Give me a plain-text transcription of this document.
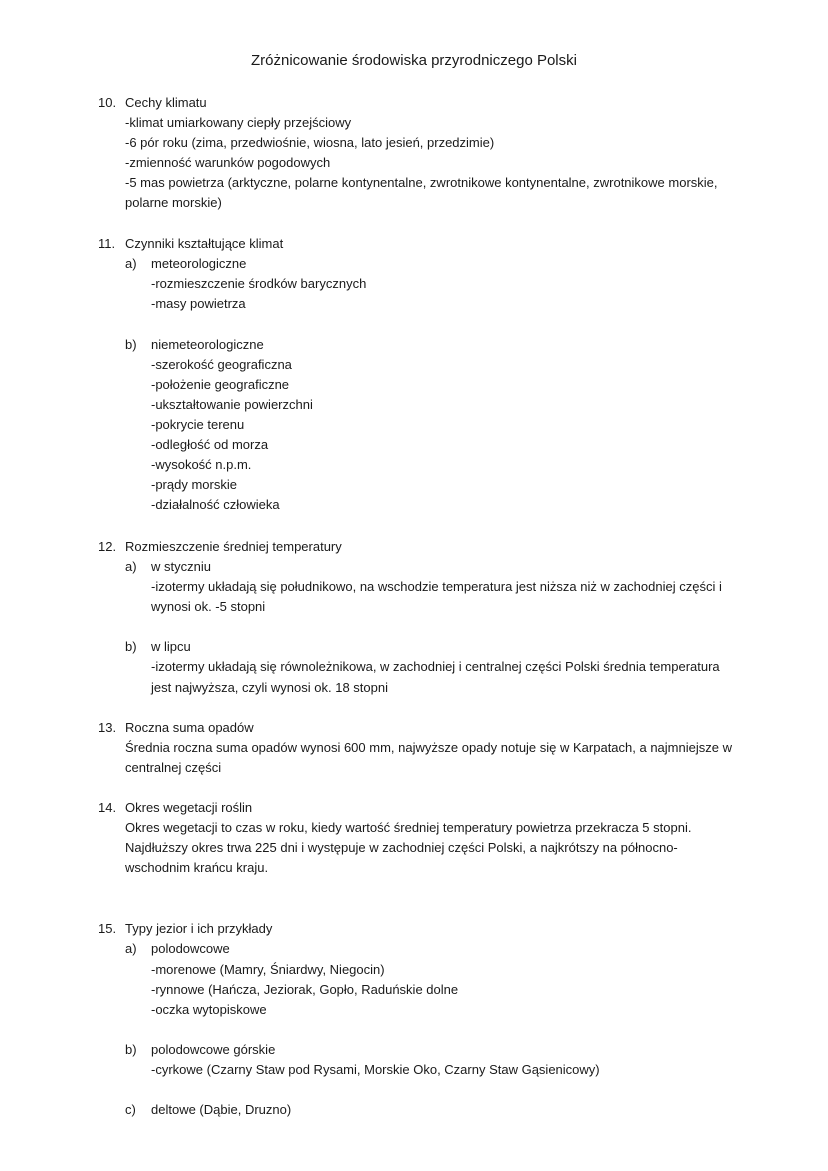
Zróżnicowanie środowiska przyrodniczego Polski
10. Cechy klimatu
-klimat umiarkowany ciepły przejściowy
-6 pór roku (zima, przedwiośnie, wiosna, lato jesień, przedzimie)
-zmienność warunków pogodowych
-5 mas powietrza (arktyczne, polarne kontynentalne, zwrotnikowe kontynentalne, zwrotnikowe morskie,
polarne morskie)
11. Czynniki kształtujące klimat
a) meteorologiczne
-rozmieszczenie środków barycznych
-masy powietrza
b) niemeteorologiczne
-szerokość geograficzna
-położenie geograficzne
-ukształtowanie powierzchni
-pokrycie terenu
-odległość od morza
-wysokość n.p.m.
-prądy morskie
-działalność człowieka
12. Rozmieszczenie średniej temperatury
a) w styczniu
-izotermy układają się południkowo, na wschodzie temperatura jest niższa niż w zachodniej części i
wynosi ok. -5 stopni
b) w lipcu
-izotermy układają się równoleżnikowa, w zachodniej i centralnej części Polski średnia temperatura
jest najwyższa, czyli wynosi ok. 18 stopni
13. Roczna suma opadów
Średnia roczna suma opadów wynosi 600 mm, najwyższe opady notuje się w Karpatach, a najmniejsze w
centralnej części
14. Okres wegetacji roślin
Okres wegetacji to czas w roku, kiedy wartość średniej temperatury powietrza przekracza 5 stopni.
Najdłuższy okres trwa 225 dni i występuje w zachodniej części Polski, a najkrótszy na północno-
wschodnim krańcu kraju.
15. Typy jezior i ich przykłady
a) polodowcowe
-morenowe (Mamry, Śniardwy, Niegocin)
-rynnowe (Hańcza, Jeziorak, Gopło, Raduńskie dolne
-oczka wytopiskowe
b) polodowcowe górskie
-cyrkowe (Czarny Staw pod Rysami, Morskie Oko, Czarny Staw Gąsienicowy)
c) deltowe (Dąbie, Druzno)
